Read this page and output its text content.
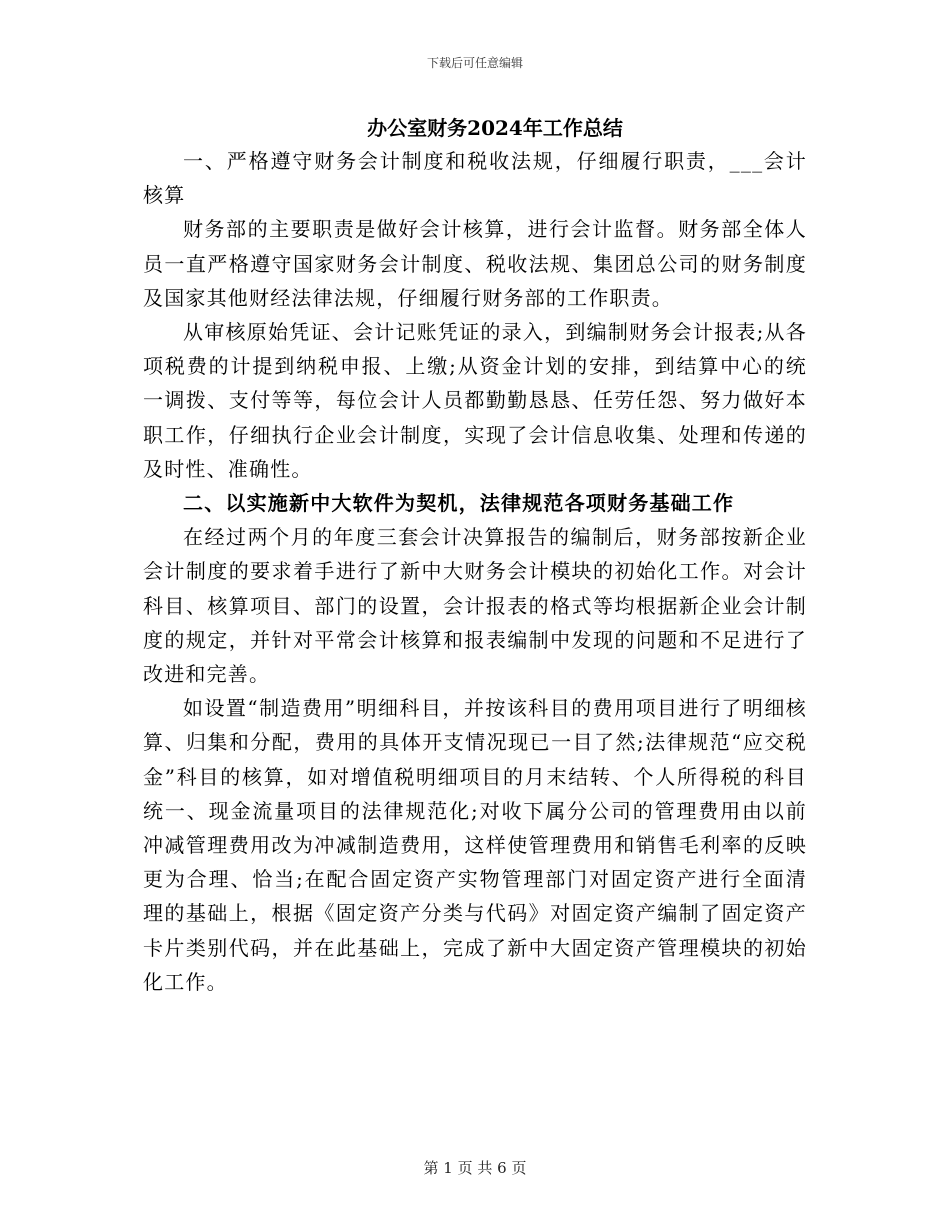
下载后可任意编辑
办公室财务2024年工作总结

一、严格遵守财务会计制度和税收法规，仔细履行职责，___会计核算

财务部的主要职责是做好会计核算，进行会计监督。财务部全体人员一直严格遵守国家财务会计制度、税收法规、集团总公司的财务制度及国家其他财经法律法规，仔细履行财务部的工作职责。

从审核原始凭证、会计记账凭证的录入，到编制财务会计报表;从各项税费的计提到纳税申报、上缴;从资金计划的安排，到结算中心的统一调拨、支付等等，每位会计人员都勤勤恳恳、任劳任怨、努力做好本职工作，仔细执行企业会计制度，实现了会计信息收集、处理和传递的及时性、准确性。

二、以实施新中大软件为契机，法律规范各项财务基础工作

在经过两个月的年度三套会计决算报告的编制后，财务部按新企业会计制度的要求着手进行了新中大财务会计模块的初始化工作。对会计科目、核算项目、部门的设置，会计报表的格式等均根据新企业会计制度的规定，并针对平常会计核算和报表编制中发现的问题和不足进行了改进和完善。

如设置“制造费用”明细科目，并按该科目的费用项目进行了明细核算、归集和分配，费用的具体开支情况现已一目了然;法律规范“应交税金”科目的核算，如对增值税明细项目的月末结转、个人所得税的科目统一、现金流量项目的法律规范化;对收下属分公司的管理费用由以前冲减管理费用改为冲减制造费用，这样使管理费用和销售毛利率的反映更为合理、恰当;在配合固定资产实物管理部门对固定资产进行全面清理的基础上，根据《固定资产分类与代码》对固定资产编制了固定资产卡片类别代码，并在此基础上，完成了新中大固定资产管理模块的初始化工作。

第 1 页 共 6 页
